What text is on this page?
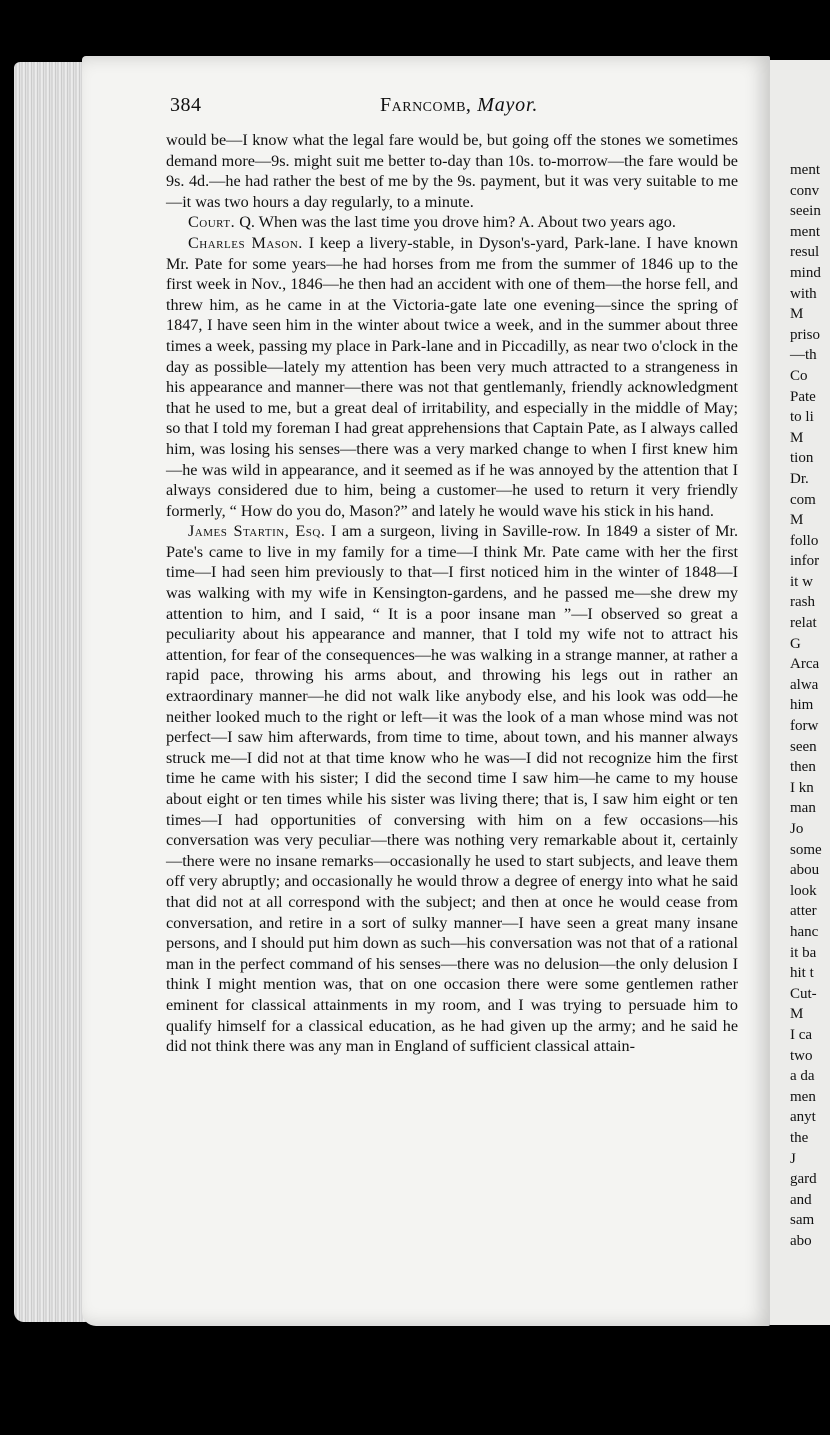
384	Farncomb, Mayor.

would be—I know what the legal fare would be, but going off the stones we sometimes demand more—9s. might suit me better to-day than 10s. to-morrow—the fare would be 9s. 4d.—he had rather the best of me by the 9s. payment, but it was very suitable to me—it was two hours a day regularly, to a minute.

Court. Q. When was the last time you drove him? A. About two years ago.

Charles Mason. I keep a livery-stable, in Dyson's-yard, Park-lane. I have known Mr. Pate for some years—he had horses from me from the summer of 1846 up to the first week in Nov., 1846—he then had an accident with one of them—the horse fell, and threw him, as he came in at the Victoria-gate late one evening—since the spring of 1847, I have seen him in the winter about twice a week, and in the summer about three times a week, passing my place in Park-lane and in Piccadilly, as near two o'clock in the day as possible—lately my attention has been very much attracted to a strangeness in his appearance and manner—there was not that gentlemanly, friendly acknowledgment that he used to me, but a great deal of irritability, and especially in the middle of May; so that I told my foreman I had great apprehensions that Captain Pate, as I always called him, was losing his senses—there was a very marked change to when I first knew him—he was wild in appearance, and it seemed as if he was annoyed by the attention that I always considered due to him, being a customer—he used to return it very friendly formerly, “ How do you do, Mason?” and lately he would wave his stick in his hand.

James Startin, Esq. I am a surgeon, living in Saville-row. In 1849 a sister of Mr. Pate's came to live in my family for a time—I think Mr. Pate came with her the first time—I had seen him previously to that—I first noticed him in the winter of 1848—I was walking with my wife in Kensington-gardens, and he passed me—she drew my attention to him, and I said, “ It is a poor insane man ”—I observed so great a peculiarity about his appearance and manner, that I told my wife not to attract his attention, for fear of the consequences—he was walking in a strange manner, at rather a rapid pace, throwing his arms about, and throwing his legs out in rather an extraordinary manner—he did not walk like anybody else, and his look was odd—he neither looked much to the right or left—it was the look of a man whose mind was not perfect—I saw him afterwards, from time to time, about town, and his manner always struck me—I did not at that time know who he was—I did not recognize him the first time he came with his sister; I did the second time I saw him—he came to my house about eight or ten times while his sister was living there; that is, I saw him eight or ten times—I had opportunities of conversing with him on a few occasions—his conversation was very peculiar—there was nothing very remarkable about it, certainly—there were no insane remarks—occasionally he used to start subjects, and leave them off very abruptly; and occasionally he would throw a degree of energy into what he said that did not at all correspond with the subject; and then at once he would cease from conversation, and retire in a sort of sulky manner—I have seen a great many insane persons, and I should put him down as such—his conversation was not that of a rational man in the perfect command of his senses—there was no delusion—the only delusion I think I might mention was, that on one occasion there were some gentlemen rather eminent for classical attainments in my room, and I was trying to persuade him to qualify himself for a classical education, as he had given up the army; and he said he did not think there was any man in England of sufficient classical attain-

ment
conv
seein
ment
resul
mind
with
M
priso
—th
Co
Pate
to li
M
tion
Dr.
com
M
follo
infor
it w
rash
relat
G
Arca
alwa
him
forw
seen
then
I kn
man
Jo
some
abou
look
atter
hanc
it ba
hit t
Cut-
M
I ca
two
a da
men
anyt
the
J
gard
and
sam
abo
